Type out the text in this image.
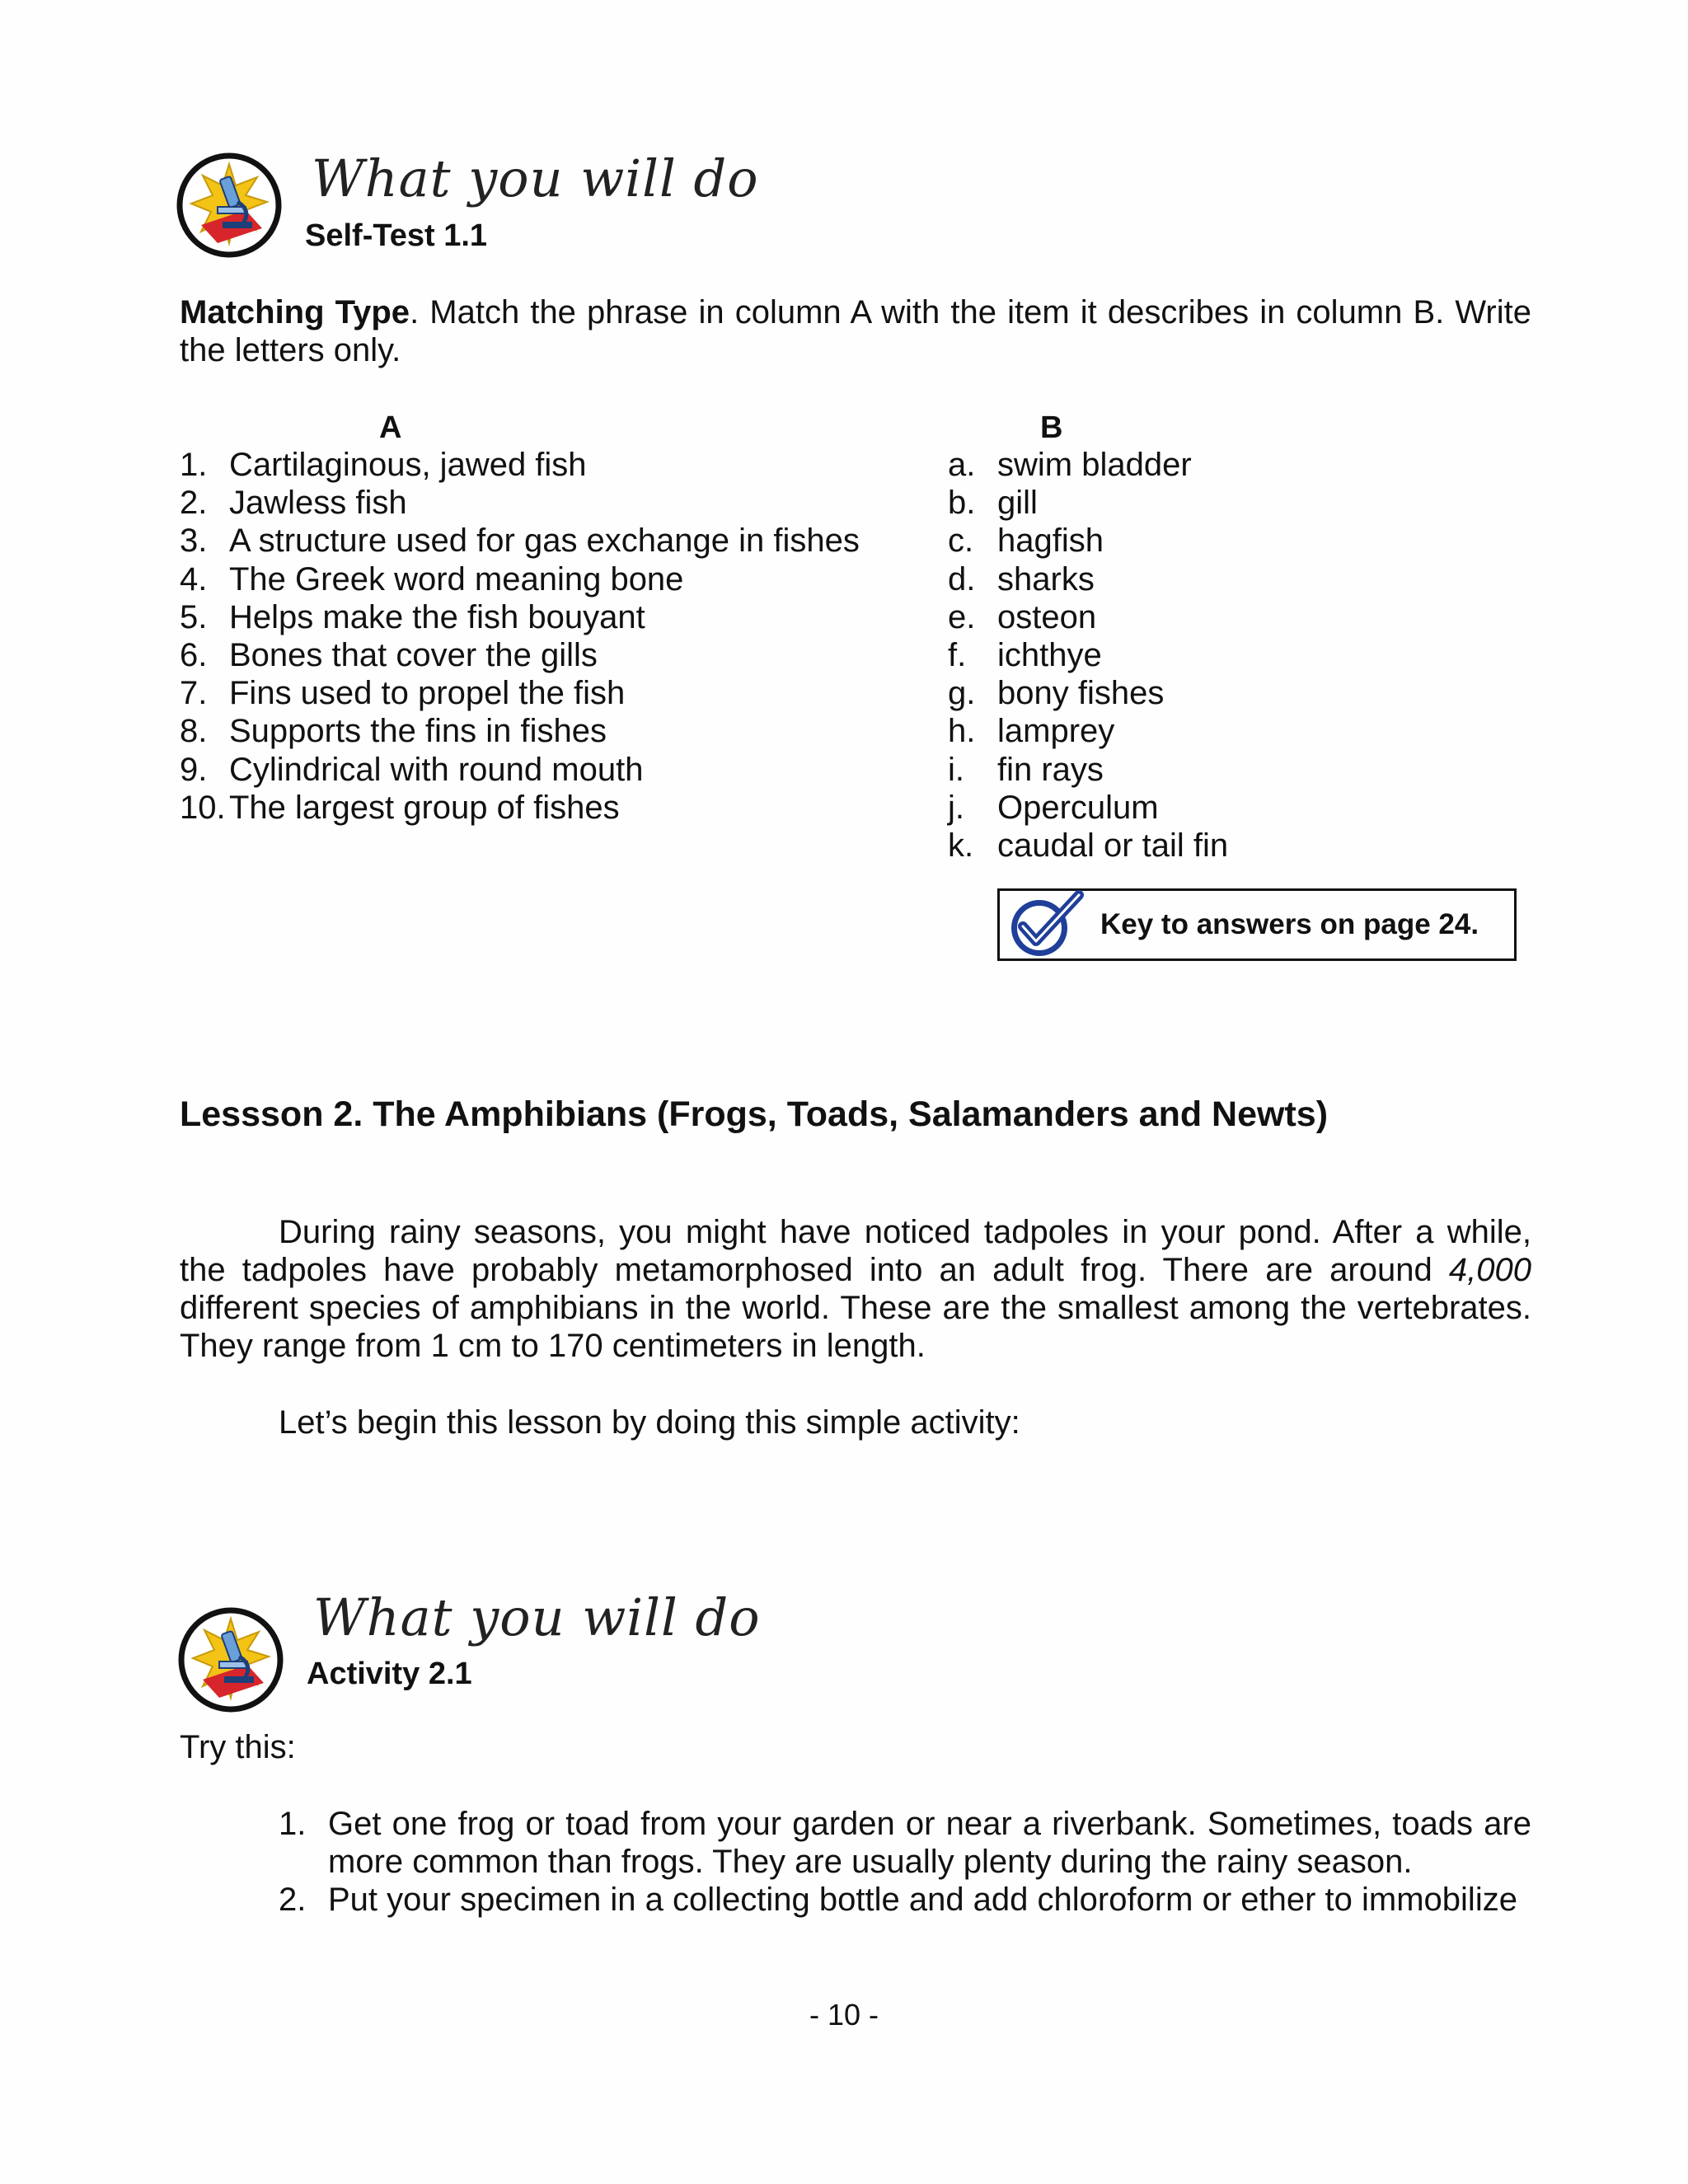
What you will do
Self-Test 1.1
Matching Type. Match the phrase in column A with the item it describes in column B. Write the letters only.
A	B
1. Cartilaginous, jawed fish
2. Jawless fish
3. A structure used for gas exchange in fishes
4. The Greek word meaning bone
5. Helps make the fish bouyant
6. Bones that cover the gills
7. Fins used to propel the fish
8. Supports the fins in fishes
9. Cylindrical with round mouth
10. The largest group of fishes
a. swim bladder
b. gill
c. hagfish
d. sharks
e. osteon
f. ichthye
g. bony fishes
h. lamprey
i.	fin rays
j.	Operculum
k. caudal or tail fin
Key to answers on page 24.
Lessson 2. The Amphibians (Frogs, Toads, Salamanders and Newts)
During rainy seasons, you might have noticed tadpoles in your pond. After a while, the tadpoles have probably metamorphosed into an adult frog. There are around 4,000 different species of amphibians in the world. These are the smallest among the vertebrates. They range from 1 cm to 170 centimeters in length.
Let’s begin this lesson by doing this simple activity:
What you will do
Activity 2.1
Try this:
1. Get one frog or toad from your garden or near a riverbank. Sometimes, toads are more common than frogs. They are usually plenty during the rainy season.
2. Put your specimen in a collecting bottle and add chloroform or ether to immobilize
- 10 -
